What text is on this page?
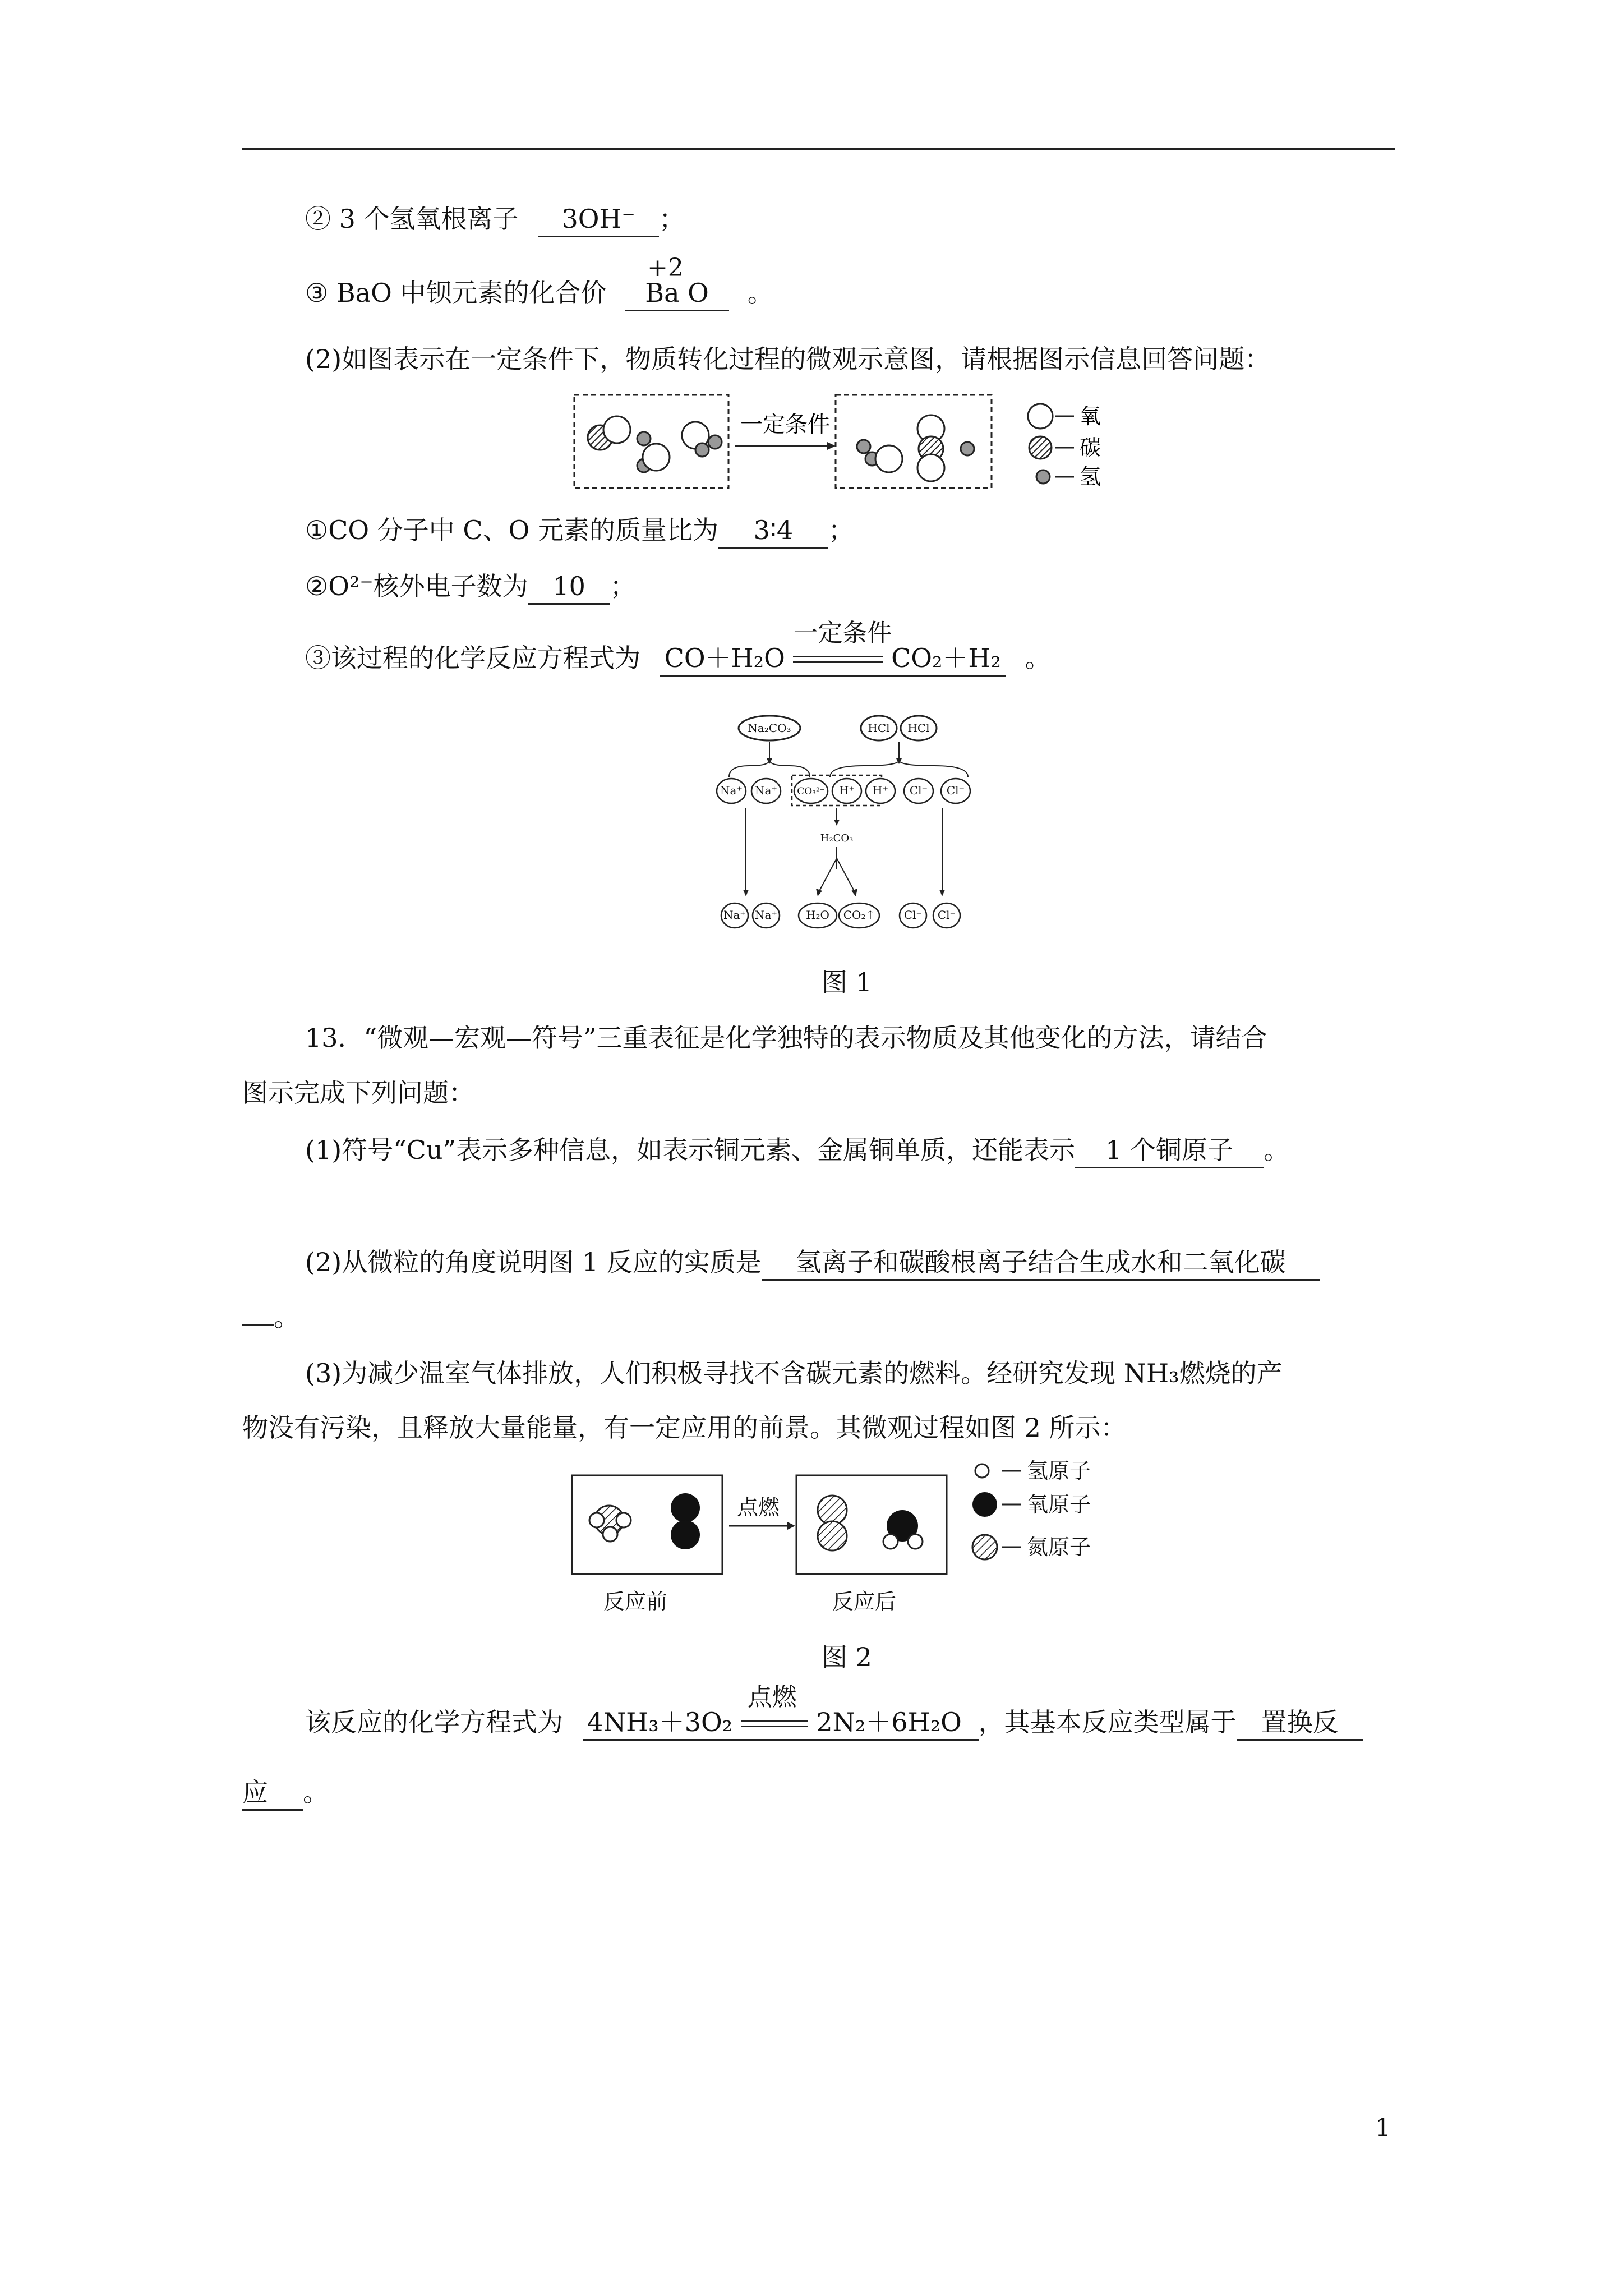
② 3 个氢氧根离子 3OH⁻ ；
③ BaO 中钡元素的化合价
+2
Ba O 。
(2)如图表示在一定条件下，物质转化过程的微观示意图，请根据图示信息回答问题：
一定条件	氧
碳
氢
①CO 分子中 C、O 元素的质量比为 3∶4 ；
②O²⁻核外电子数为 10 ；
③该过程的化学反应方程式为 CO＋H₂O
一定条件
CO₂＋H₂ 。
Na₂CO₃	HCl HCl
Na⁺ Na⁺ CO₃²⁻ H⁺ H⁺ Cl⁻ Cl⁻
H₂CO₃
Na⁺ Na⁺	H₂O CO₂↑	Cl⁻ Cl⁻
图 1
13．“微观—宏观—符号”三重表征是化学独特的表示物质及其他变化的方法，请结合
图示完成下列问题：
(1)符号“Cu”表示多种信息，如表示铜元素、金属铜单质，还能表示 1 个铜原子 。
(2)从微粒的角度说明图 1 反应的实质是 氢离子和碳酸根离子结合生成水和二氧化碳
。
(3)为减少温室气体排放，人们积极寻找不含碳元素的燃料。经研究发现 NH₃燃烧的产
物没有污染，且释放大量能量，有一定应用的前景。其微观过程如图 2 所示：
点燃
反应前	反应后
氢原子
氧原子
氮原子
图 2
该反应的化学方程式为 4NH₃＋3O₂
点燃
2N₂＋6H₂O ，其基本反应类型属于 置换反
应 。
1
